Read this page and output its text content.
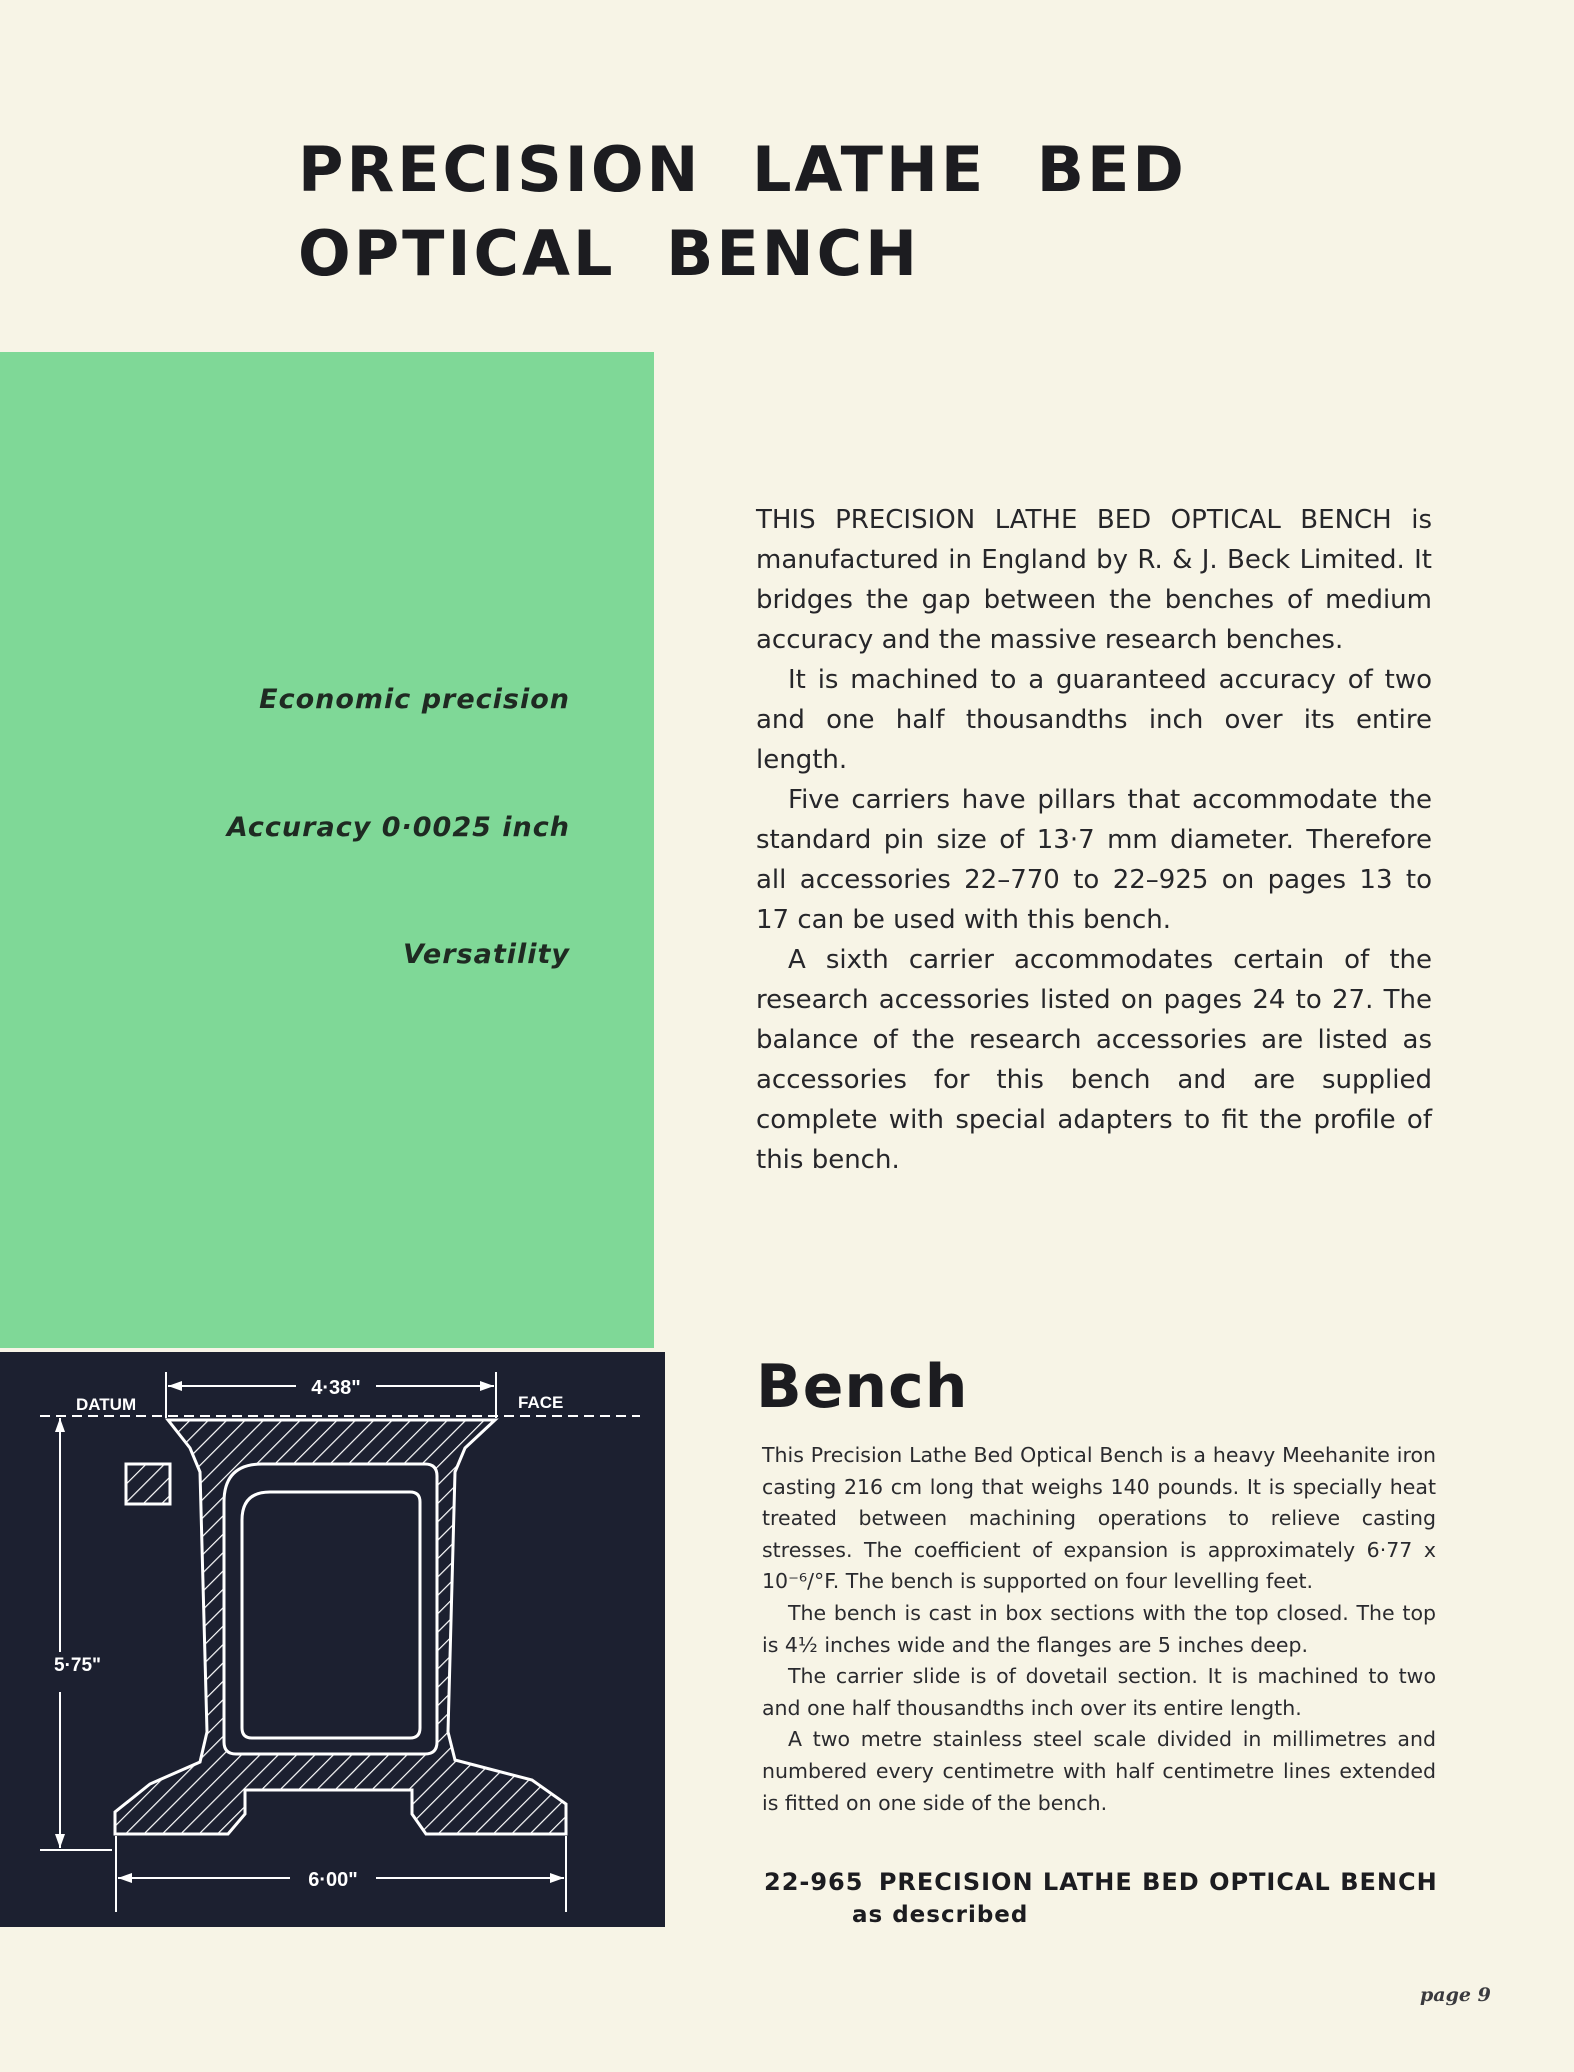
PRECISION LATHE BED
OPTICAL BENCH

Economic precision

Accuracy 0·0025 inch

Versatility

4·38"
DATUM	FACE
5·75"
6·00"

THIS PRECISION LATHE BED OPTICAL BENCH is manufactured in England by R. & J. Beck Limited. It bridges the gap between the benches of medium accuracy and the massive research benches.

It is machined to a guaranteed accuracy of two and one half thousandths inch over its entire length.

Five carriers have pillars that accommodate the standard pin size of 13·7 mm diameter. Therefore all accessories 22–770 to 22–925 on pages 13 to 17 can be used with this bench.

A sixth carrier accommodates certain of the research accessories listed on pages 24 to 27. The balance of the research accessories are listed as accessories for this bench and are supplied complete with special adapters to fit the profile of this bench.

Bench

This Precision Lathe Bed Optical Bench is a heavy Meehanite iron casting 216 cm long that weighs 140 pounds. It is specially heat treated between machining operations to relieve casting stresses. The coefficient of expansion is approximately 6·77 x 10⁻⁶/°F. The bench is supported on four levelling feet.

The bench is cast in box sections with the top closed. The top is 4½ inches wide and the flanges are 5 inches deep.

The carrier slide is of dovetail section. It is machined to two and one half thousandths inch over its entire length.

A two metre stainless steel scale divided in millimetres and numbered every centimetre with half centimetre lines extended is fitted on one side of the bench.

22-965 PRECISION LATHE BED OPTICAL BENCH

as described

page 9
